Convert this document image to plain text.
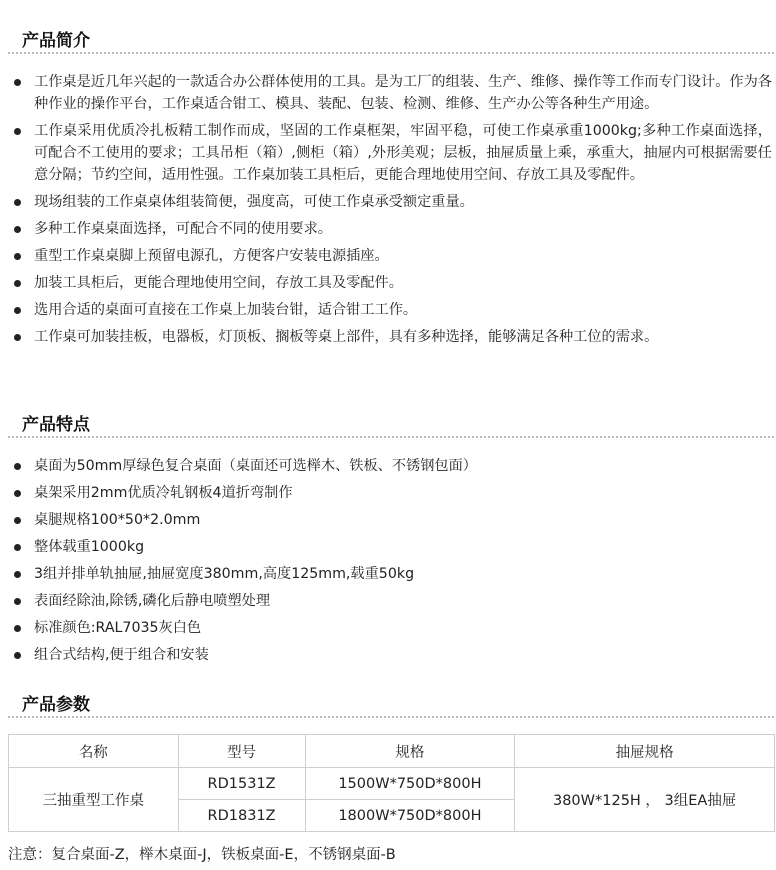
产品简介
工作桌是近几年兴起的一款适合办公群体使用的工具。是为工厂的组装、生产、维修、操作等工作而专门设计。作为各种作业的操作平台，工作桌适合钳工、模具、装配、包装、检测、维修、生产办公等各种生产用途。
工作桌采用优质冷扎板精工制作而成，坚固的工作桌框架，牢固平稳，可使工作桌承重1000kg;多种工作桌面选择，可配合不工使用的要求；工具吊柜（箱）,侧柜（箱）,外形美观；层板，抽屉质量上乘，承重大，抽屉内可根据需要任意分隔；节约空间，适用性强。工作桌加装工具柜后，更能合理地使用空间、存放工具及零配件。
现场组装的工作桌桌体组装简便，强度高，可使工作桌承受额定重量。
多种工作桌桌面选择，可配合不同的使用要求。
重型工作桌桌脚上预留电源孔，方便客户安装电源插座。
加装工具柜后，更能合理地使用空间，存放工具及零配件。
选用合适的桌面可直接在工作桌上加装台钳，适合钳工工作。
工作桌可加装挂板，电器板，灯顶板、搁板等桌上部件，具有多种选择，能够满足各种工位的需求。
产品特点
桌面为50mm厚绿色复合桌面（桌面还可选榉木、铁板、不锈钢包面）
桌架采用2mm优质冷轧钢板4道折弯制作
桌腿规格100*50*2.0mm
整体载重1000kg
3组并排单轨抽屉,抽屉宽度380mm,高度125mm,载重50kg
表面经除油,除锈,磷化后静电喷塑处理
标准颜色:RAL7035灰白色
组合式结构,便于组合和安装
产品参数
名称	型号	规格	抽屉规格
三抽重型工作桌	RD1531Z	1500W*750D*800H	380W*125H ， 3组EA抽屉
	RD1831Z	1800W*750D*800H	
注意：复合桌面-Z，榉木桌面-J，铁板桌面-E，不锈钢桌面-B
